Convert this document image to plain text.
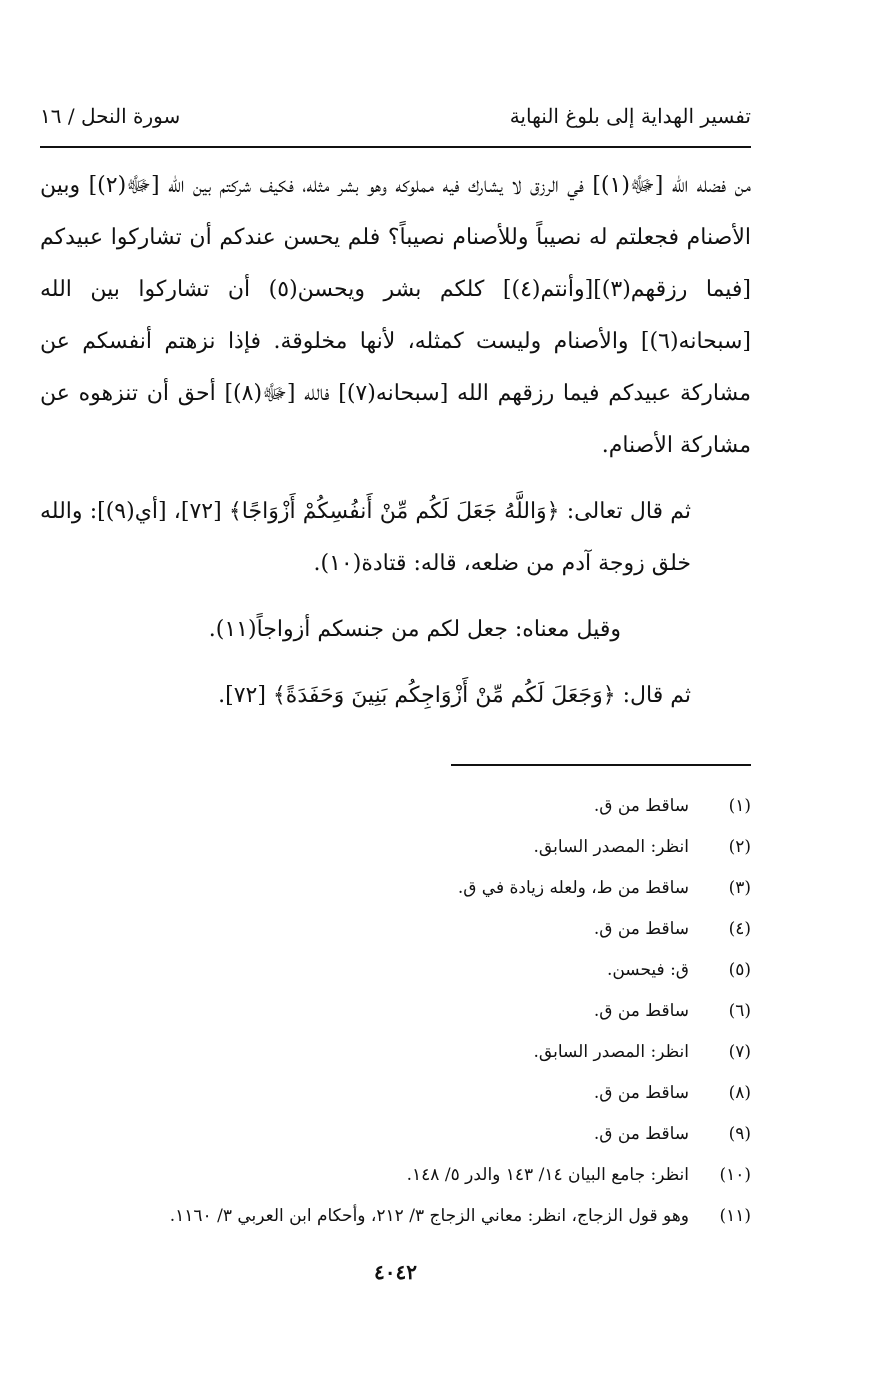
تفسير الهداية إلى بلوغ النهاية
سورة النحل / ١٦

من فضله الله [ﷻ(١)] في الرزق لا يشارك فيه مملوكه وهو بشر مثله، فكيف شركتم بين الله [ﷻ(٢)] وبين الأصنام فجعلتم له نصيباً وللأصنام نصيباً؟ فلم يحسن عندكم أن تشاركوا عبيدكم [فيما رزقهم(٣)][وأنتم(٤)] كلكم بشر ويحسن(٥) أن تشاركوا بين الله [سبحانه(٦)] والأصنام وليست كمثله، لأنها مخلوقة. فإذا نزهتم أنفسكم عن مشاركة عبيدكم فيما رزقهم الله [سبحانه(٧)] فالله [ﷻ(٨)] أحق أن تنزهوه عن مشاركة الأصنام.

ثم قال تعالى: ﴿وَاللَّهُ جَعَلَ لَكُم مِّنْ أَنفُسِكُمْ أَزْوَاجًا﴾ [٧٢]، [أي(٩)]: والله خلق زوجة آدم من ضلعه، قاله: قتادة(١٠).

وقيل معناه: جعل لكم من جنسكم أزواجاً(١١).

ثم قال: ﴿وَجَعَلَ لَكُم مِّنْ أَزْوَاجِكُم بَنِينَ وَحَفَدَةً﴾ [٧٢].

(١)
ساقط من ق.
(٢)
انظر: المصدر السابق.
(٣)
ساقط من ط، ولعله زيادة في ق.
(٤)
ساقط من ق.
(٥)
ق: فيحسن.
(٦)
ساقط من ق.
(٧)
انظر: المصدر السابق.
(٨)
ساقط من ق.
(٩)
ساقط من ق.
(١٠)
انظر: جامع البيان ١٤/ ١٤٣ والدر ٥/ ١٤٨.
(١١)
وهو قول الزجاج، انظر: معاني الزجاج ٣/ ٢١٢، وأحكام ابن العربي ٣/ ١١٦٠.
٤٠٤٢
